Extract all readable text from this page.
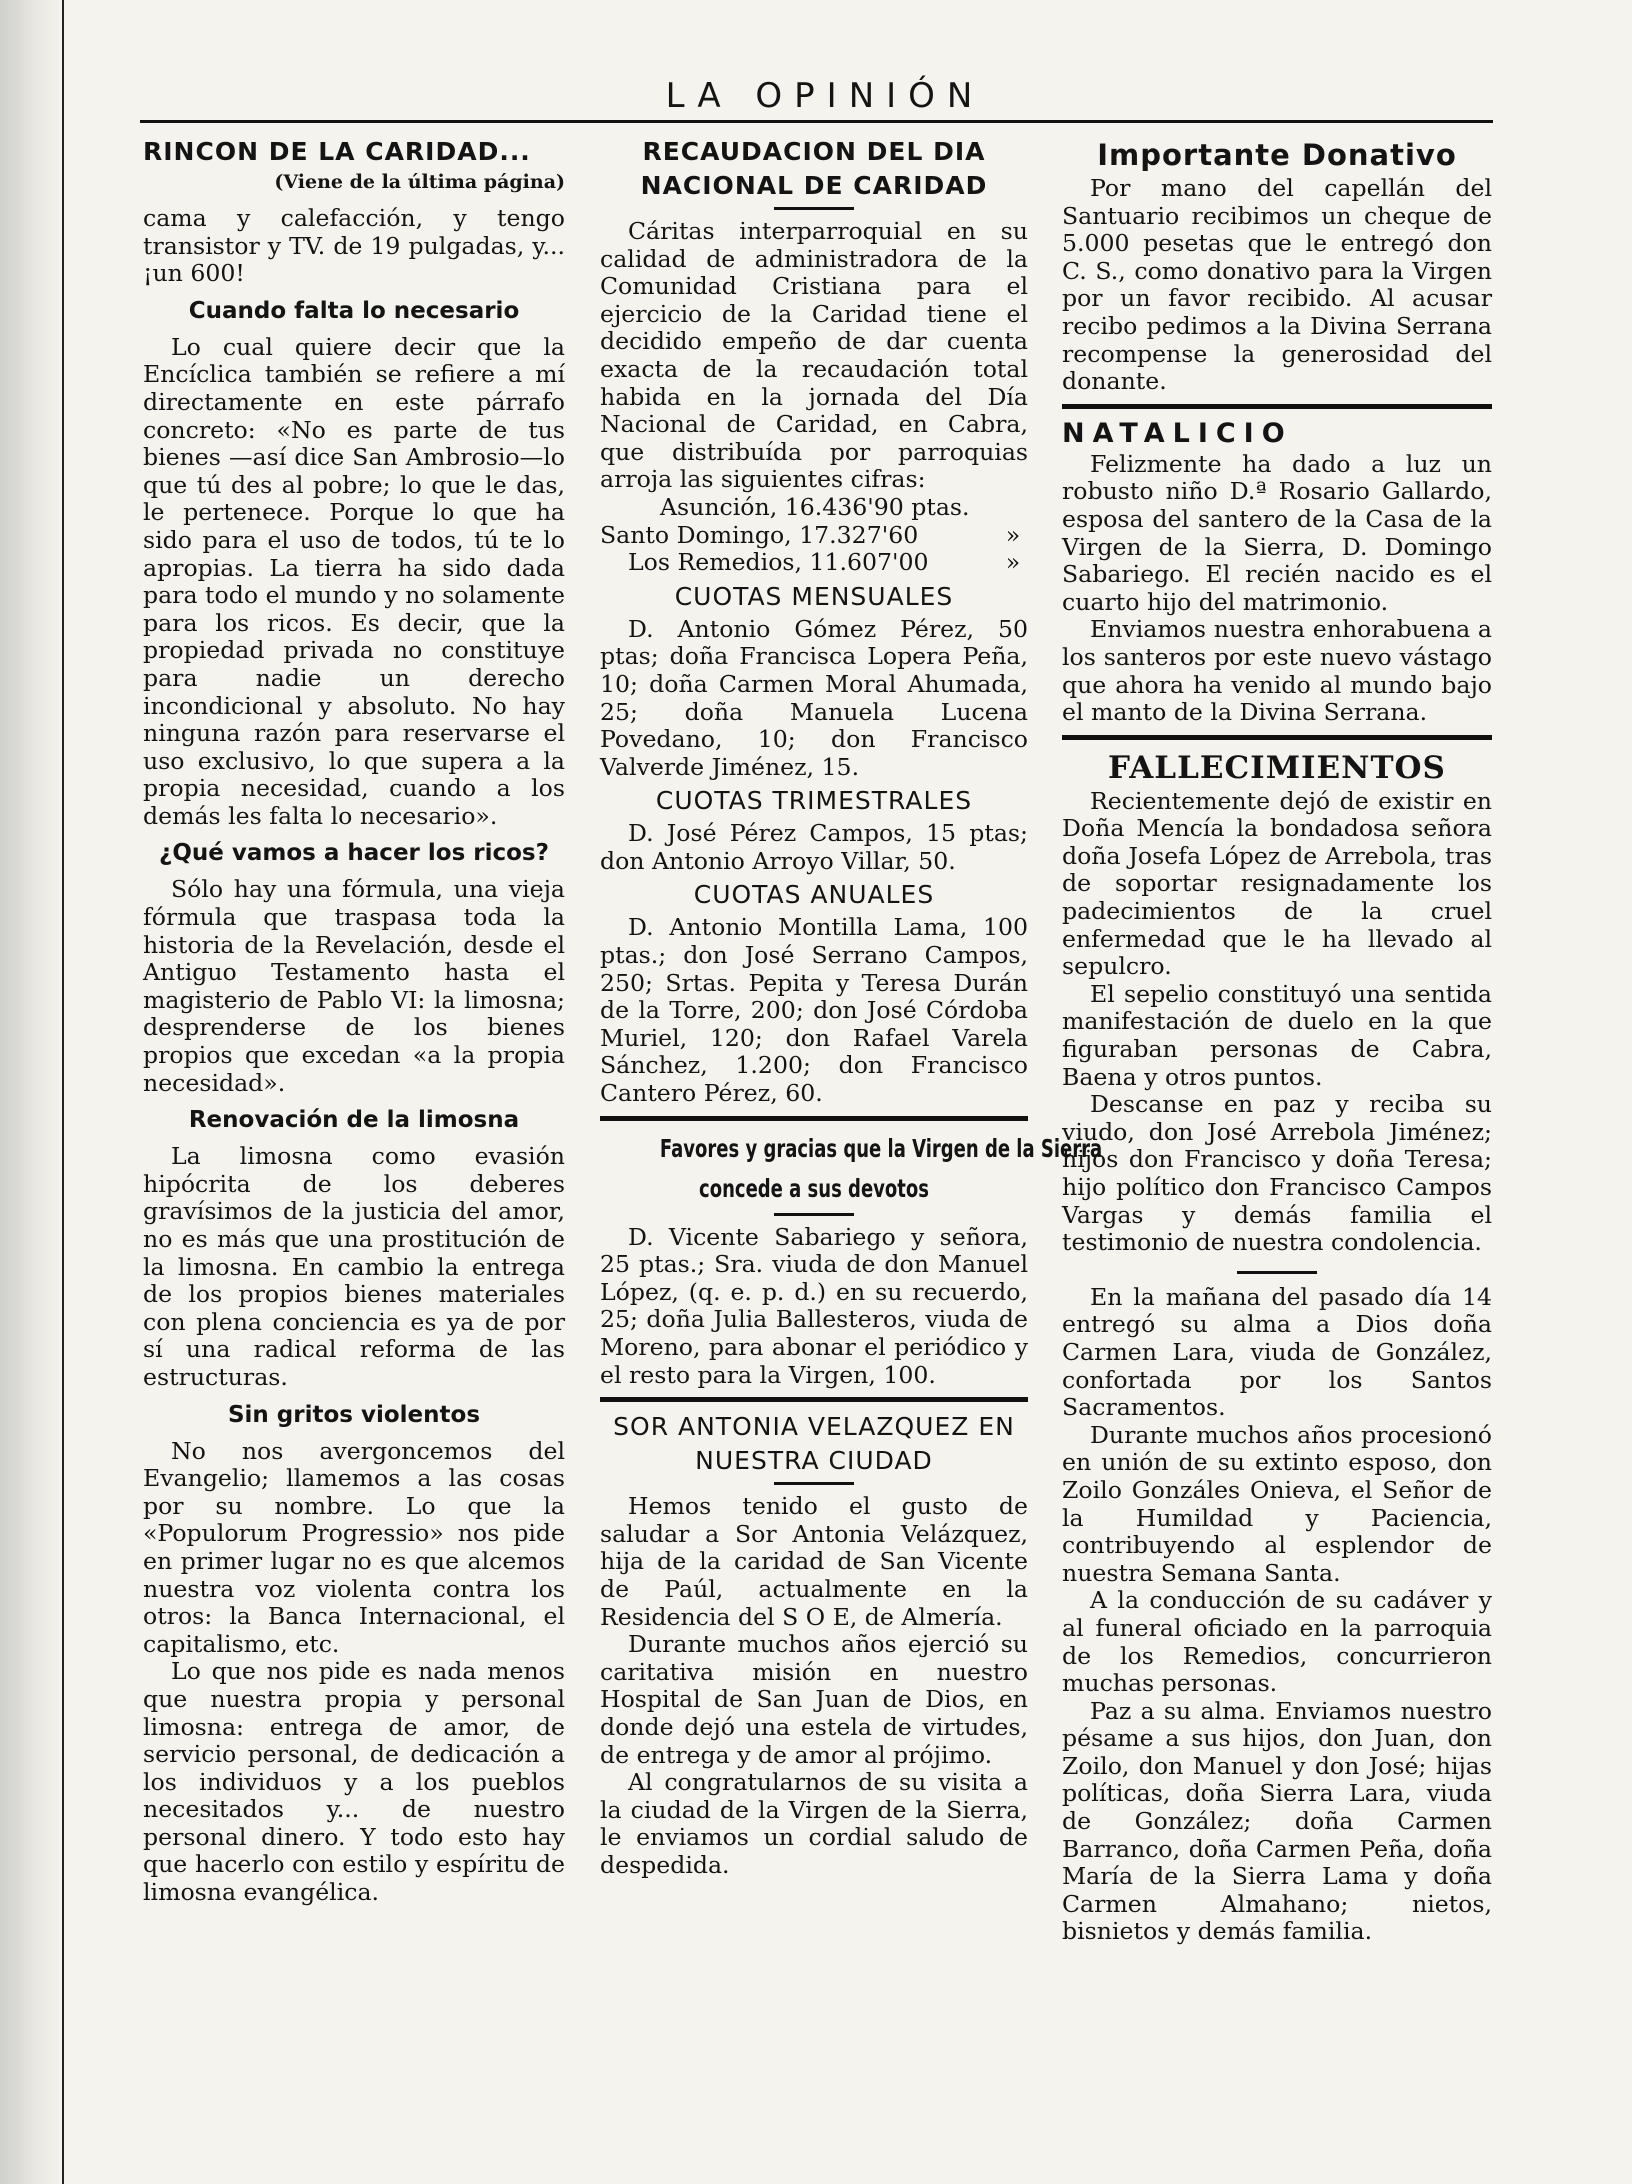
LA OPINIÓN
RINCON DE LA CARIDAD...
(Viene de la última página)

cama y calefacción, y tengo transistor y TV. de 19 pulgadas, y... ¡un 600!

Cuando falta lo necesario

Lo cual quiere decir que la Encíclica también se refiere a mí directamente en este párrafo concreto: «No es parte de tus bienes —así dice San Ambrosio—lo que tú des al pobre; lo que le das, le pertenece. Porque lo que ha sido para el uso de todos, tú te lo apropias. La tierra ha sido dada para todo el mundo y no solamente para los ricos. Es decir, que la propiedad privada no constituye para nadie un derecho incondicional y absoluto. No hay ninguna razón para reservarse el uso exclusivo, lo que supera a la propia necesidad, cuando a los demás les falta lo necesario».

¿Qué vamos a hacer los ricos?

Sólo hay una fórmula, una vieja fórmula que traspasa toda la historia de la Revelación, desde el Antiguo Testamento hasta el magisterio de Pablo VI: la limosna; desprenderse de los bienes propios que excedan «a la propia necesidad».

Renovación de la limosna

La limosna como evasión hipócrita de los deberes gravísimos de la justicia del amor, no es más que una prostitución de la limosna. En cambio la entrega de los propios bienes materiales con plena conciencia es ya de por sí una radical reforma de las estructuras.

Sin gritos violentos

No nos avergoncemos del Evangelio; llamemos a las cosas por su nombre. Lo que la «Populorum Progressio» nos pide en primer lugar no es que alcemos nuestra voz violenta contra los otros: la Banca Internacional, el capitalismo, etc.

Lo que nos pide es nada menos que nuestra propia y personal limosna: entrega de amor, de servicio personal, de dedicación a los individuos y a los pueblos necesitados y... de nuestro personal dinero. Y todo esto hay que hacerlo con estilo y espíritu de limosna evangélica.

RECAUDACION DEL DIA NACIONAL DE CARIDAD

Cáritas interparroquial en su calidad de administradora de la Comunidad Cristiana para el ejercicio de la Caridad tiene el decidido empeño de dar cuenta exacta de la recaudación total habida en la jornada del Día Nacional de Caridad, en Cabra, que distribuída por parroquias arroja las siguientes cifras:

Asunción, 16.436'90 ptas.
Santo Domingo, 17.327'60	»
Los Remedios, 11.607'00	»
CUOTAS MENSUALES

D. Antonio Gómez Pérez, 50 ptas; doña Francisca Lopera Peña, 10; doña Carmen Moral Ahumada, 25; doña Manuela Lucena Povedano, 10; don Francisco Valverde Jiménez, 15.

CUOTAS TRIMESTRALES

D. José Pérez Campos, 15 ptas; don Antonio Arroyo Villar, 50.

CUOTAS ANUALES

D. Antonio Montilla Lama, 100 ptas.; don José Serrano Campos, 250; Srtas. Pepita y Teresa Durán de la Torre, 200; don José Córdoba Muriel, 120; don Rafael Varela Sánchez, 1.200; don Francisco Cantero Pérez, 60.

Favores y gracias que la Virgen de la Sierra
concede a sus devotos

D. Vicente Sabariego y señora, 25 ptas.; Sra. viuda de don Manuel López, (q. e. p. d.) en su recuerdo, 25; doña Julia Ballesteros, viuda de Moreno, para abonar el periódico y el resto para la Virgen, 100.

SOR ANTONIA VELAZQUEZ EN NUESTRA CIUDAD

Hemos tenido el gusto de saludar a Sor Antonia Velázquez, hija de la caridad de San Vicente de Paúl, actualmente en la Residencia del S O E, de Almería.

Durante muchos años ejerció su caritativa misión en nuestro Hospital de San Juan de Dios, en donde dejó una estela de virtudes, de entrega y de amor al prójimo.

Al congratularnos de su visita a la ciudad de la Virgen de la Sierra, le enviamos un cordial saludo de despedida.

Importante Donativo

Por mano del capellán del Santuario recibimos un cheque de 5.000 pesetas que le entregó don C. S., como donativo para la Virgen por un favor recibido. Al acusar recibo pedimos a la Divina Serrana recompense la generosidad del donante.

NATALICIO

Felizmente ha dado a luz un robusto niño D.ª Rosario Gallardo, esposa del santero de la Casa de la Virgen de la Sierra, D. Domingo Sabariego. El recién nacido es el cuarto hijo del matrimonio.

Enviamos nuestra enhorabuena a los santeros por este nuevo vástago que ahora ha venido al mundo bajo el manto de la Divina Serrana.

FALLECIMIENTOS

Recientemente dejó de existir en Doña Mencía la bondadosa señora doña Josefa López de Arrebola, tras de soportar resignadamente los padecimientos de la cruel enfermedad que le ha llevado al sepulcro.

El sepelio constituyó una sentida manifestación de duelo en la que figuraban personas de Cabra, Baena y otros puntos.

Descanse en paz y reciba su viudo, don José Arrebola Jiménez; hijos don Francisco y doña Teresa; hijo político don Francisco Campos Vargas y demás familia el testimonio de nuestra condolencia.

En la mañana del pasado día 14 entregó su alma a Dios doña Carmen Lara, viuda de González, confortada por los Santos Sacramentos.

Durante muchos años procesionó en unión de su extinto esposo, don Zoilo Gonzáles Onieva, el Señor de la Humildad y Paciencia, contribuyendo al esplendor de nuestra Semana Santa.

A la conducción de su cadáver y al funeral oficiado en la parroquia de los Remedios, concurrieron muchas personas.

Paz a su alma. Enviamos nuestro pésame a sus hijos, don Juan, don Zoilo, don Manuel y don José; hijas políticas, doña Sierra Lara, viuda de González; doña Carmen Barranco, doña Carmen Peña, doña María de la Sierra Lama y doña Carmen Almahano; nietos, bisnietos y demás familia.
